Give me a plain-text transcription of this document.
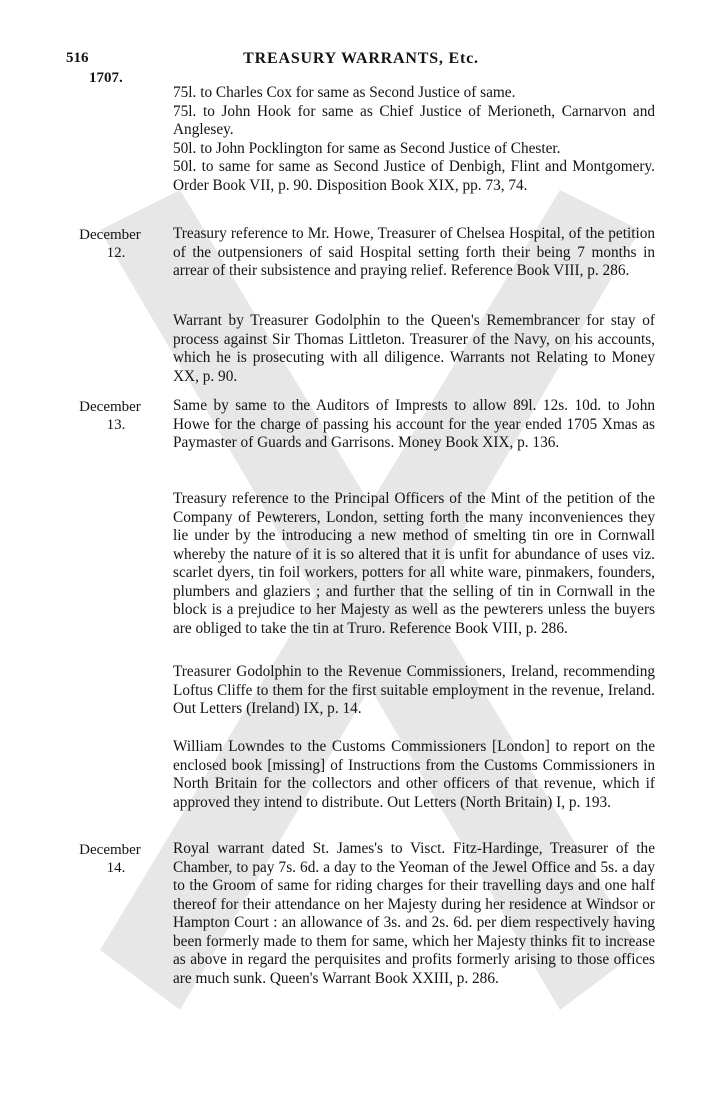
516	TREASURY WARRANTS, Etc.
1707.

75l. to Charles Cox for same as Second Justice of same.

75l. to John Hook for same as Chief Justice of Merioneth, Carnarvon and Anglesey.

50l. to John Pocklington for same as Second Justice of Chester.

50l. to same for same as Second Justice of Denbigh, Flint and Montgomery. Order Book VII, p. 90. Disposition Book XIX, pp. 73, 74.

December
12.

Treasury reference to Mr. Howe, Treasurer of Chelsea Hospital, of the petition of the outpensioners of said Hospital setting forth their being 7 months in arrear of their subsistence and praying relief. Reference Book VIII, p. 286.

Warrant by Treasurer Godolphin to the Queen's Remembrancer for stay of process against Sir Thomas Littleton. Treasurer of the Navy, on his accounts, which he is prosecuting with all diligence. Warrants not Relating to Money XX, p. 90.

December
13.

Same by same to the Auditors of Imprests to allow 89l. 12s. 10d. to John Howe for the charge of passing his account for the year ended 1705 Xmas as Paymaster of Guards and Garrisons. Money Book XIX, p. 136.

Treasury reference to the Principal Officers of the Mint of the petition of the Company of Pewterers, London, setting forth the many inconveniences they lie under by the introducing a new method of smelting tin ore in Cornwall whereby the nature of it is so altered that it is unfit for abundance of uses viz. scarlet dyers, tin foil workers, potters for all white ware, pinmakers, founders, plumbers and glaziers ; and further that the selling of tin in Cornwall in the block is a prejudice to her Majesty as well as the pewterers unless the buyers are obliged to take the tin at Truro. Reference Book VIII, p. 286.

Treasurer Godolphin to the Revenue Commissioners, Ireland, recommending Loftus Cliffe to them for the first suitable employment in the revenue, Ireland. Out Letters (Ireland) IX, p. 14.

William Lowndes to the Customs Commissioners [London] to report on the enclosed book [missing] of Instructions from the Customs Commissioners in North Britain for the collectors and other officers of that revenue, which if approved they intend to distribute. Out Letters (North Britain) I, p. 193.

December
14.

Royal warrant dated St. James's to Visct. Fitz-Hardinge, Treasurer of the Chamber, to pay 7s. 6d. a day to the Yeoman of the Jewel Office and 5s. a day to the Groom of same for riding charges for their travelling days and one half thereof for their attendance on her Majesty during her residence at Windsor or Hampton Court : an allowance of 3s. and 2s. 6d. per diem respectively having been formerly made to them for same, which her Majesty thinks fit to increase as above in regard the perquisites and profits formerly arising to those offices are much sunk. Queen's Warrant Book XXIII, p. 286.
